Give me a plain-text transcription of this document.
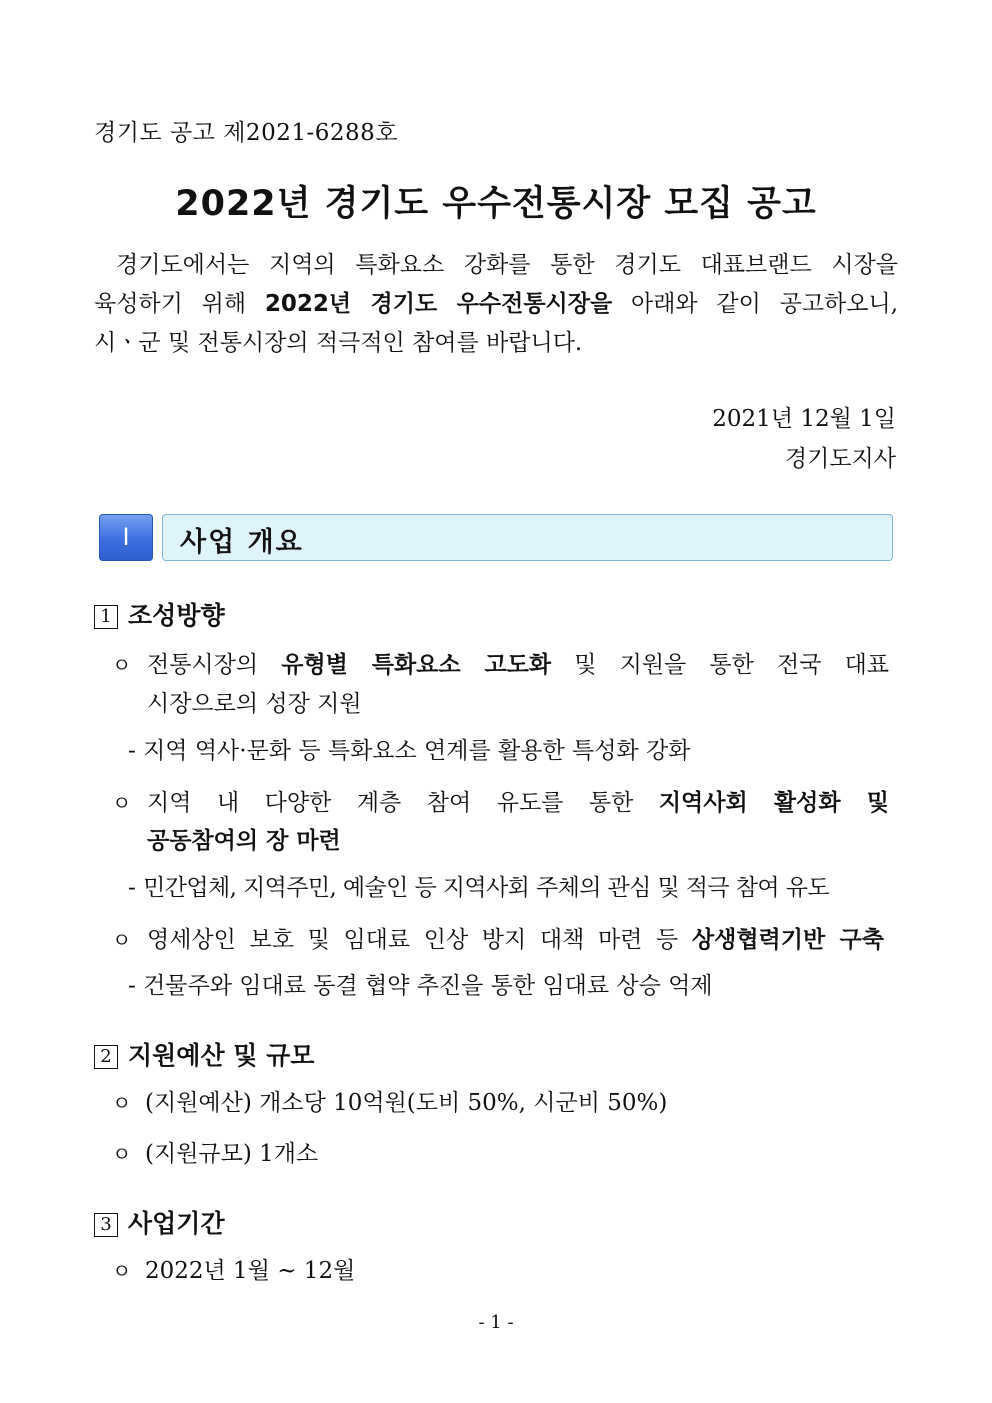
경기도 공고 제2021-6288호
2022년 경기도 우수전통시장 모집 공고
경기도에서는 지역의 특화요소 강화를 통한 경기도 대표브랜드 시장을
육성하기 위해 2022년 경기도 우수전통시장을 아래와 같이 공고하오니,
시ㆍ군 및 전통시장의 적극적인 참여를 바랍니다.
2021년 12월 1일
경기도지사
Ⅰ	사업 개요
1 조성방향
ㅇ 전통시장의 유형별 특화요소 고도화 및 지원을 통한 전국 대표
시장으로의 성장 지원
- 지역 역사·문화 등 특화요소 연계를 활용한 특성화 강화
ㅇ 지역 내 다양한 계층 참여 유도를 통한 지역사회 활성화 및
공동참여의 장 마련
- 민간업체, 지역주민, 예술인 등 지역사회 주체의 관심 및 적극 참여 유도
ㅇ 영세상인 보호 및 임대료 인상 방지 대책 마련 등 상생협력기반 구축
- 건물주와 임대료 동결 협약 추진을 통한 임대료 상승 억제
2 지원예산 및 규모
ㅇ (지원예산) 개소당 10억원(도비 50%, 시군비 50%)
ㅇ (지원규모) 1개소
3 사업기간
ㅇ 2022년 1월 ~ 12월
- 1 -
